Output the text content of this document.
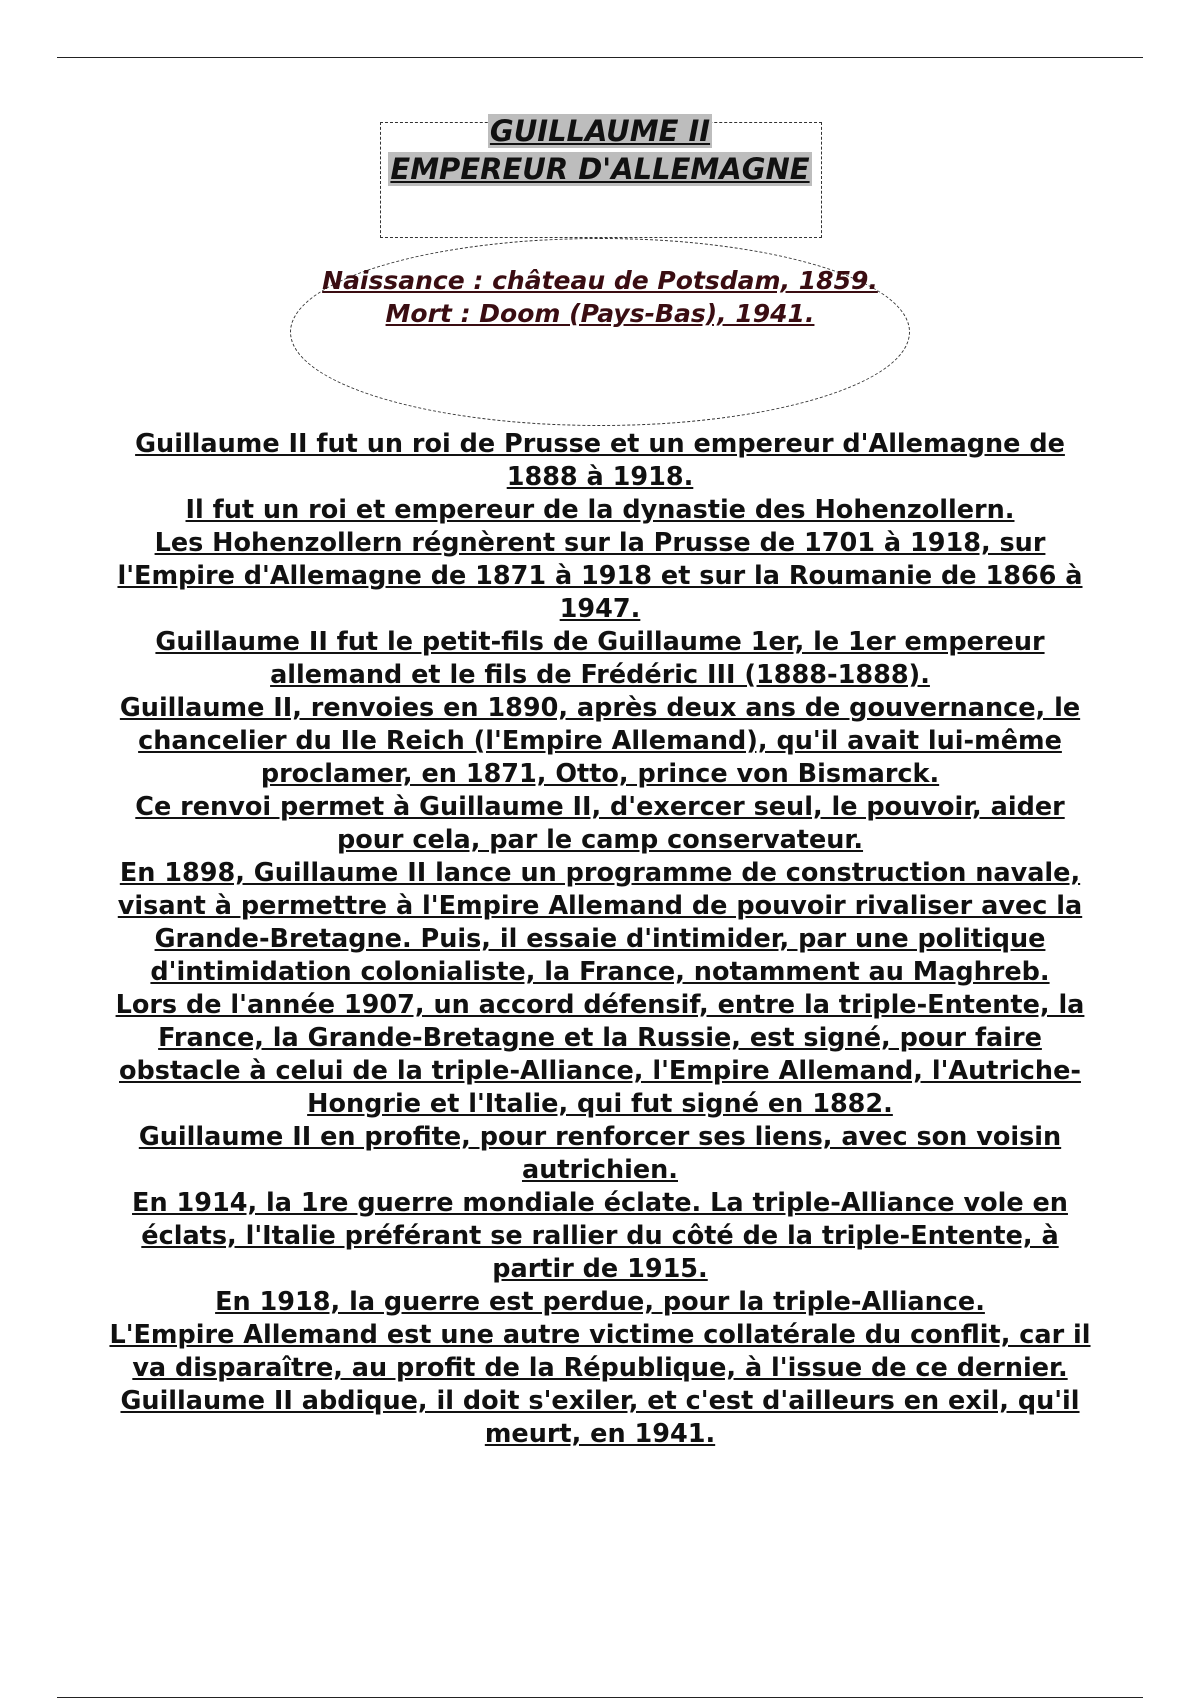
GUILLAUME II
EMPEREUR D'ALLEMAGNE
Naissance : château de Potsdam, 1859.
Mort : Doom (Pays-Bas), 1941.

Guillaume II fut un roi de Prusse et un empereur d'Allemagne de 1888 à 1918.

Il fut un roi et empereur de la dynastie des Hohenzollern.

Les Hohenzollern régnèrent sur la Prusse de 1701 à 1918, sur l'Empire d'Allemagne de 1871 à 1918 et sur la Roumanie de 1866 à 1947.

Guillaume II fut le petit-fils de Guillaume 1er, le 1er empereur allemand et le fils de Frédéric III (1888-1888).

Guillaume II, renvoies en 1890, après deux ans de gouvernance, le chancelier du IIe Reich (l'Empire Allemand), qu'il avait lui-même proclamer, en 1871, Otto, prince von Bismarck.

Ce renvoi permet à Guillaume II, d'exercer seul, le pouvoir, aider pour cela, par le camp conservateur.

En 1898, Guillaume II lance un programme de construction navale, visant à permettre à l'Empire Allemand de pouvoir rivaliser avec la Grande-Bretagne. Puis, il essaie d'intimider, par une politique d'intimidation colonialiste, la France, notamment au Maghreb.

Lors de l'année 1907, un accord défensif, entre la triple-Entente, la France, la Grande-Bretagne et la Russie, est signé, pour faire obstacle à celui de la triple-Alliance, l'Empire Allemand, l'Autriche-Hongrie et l'Italie, qui fut signé en 1882.

Guillaume II en profite, pour renforcer ses liens, avec son voisin autrichien.

En 1914, la 1re guerre mondiale éclate. La triple-Alliance vole en éclats, l'Italie préférant se rallier du côté de la triple-Entente, à partir de 1915.

En 1918, la guerre est perdue, pour la triple-Alliance.

L'Empire Allemand est une autre victime collatérale du conflit, car il va disparaître, au profit de la République, à l'issue de ce dernier.

Guillaume II abdique, il doit s'exiler, et c'est d'ailleurs en exil, qu'il meurt, en 1941.
